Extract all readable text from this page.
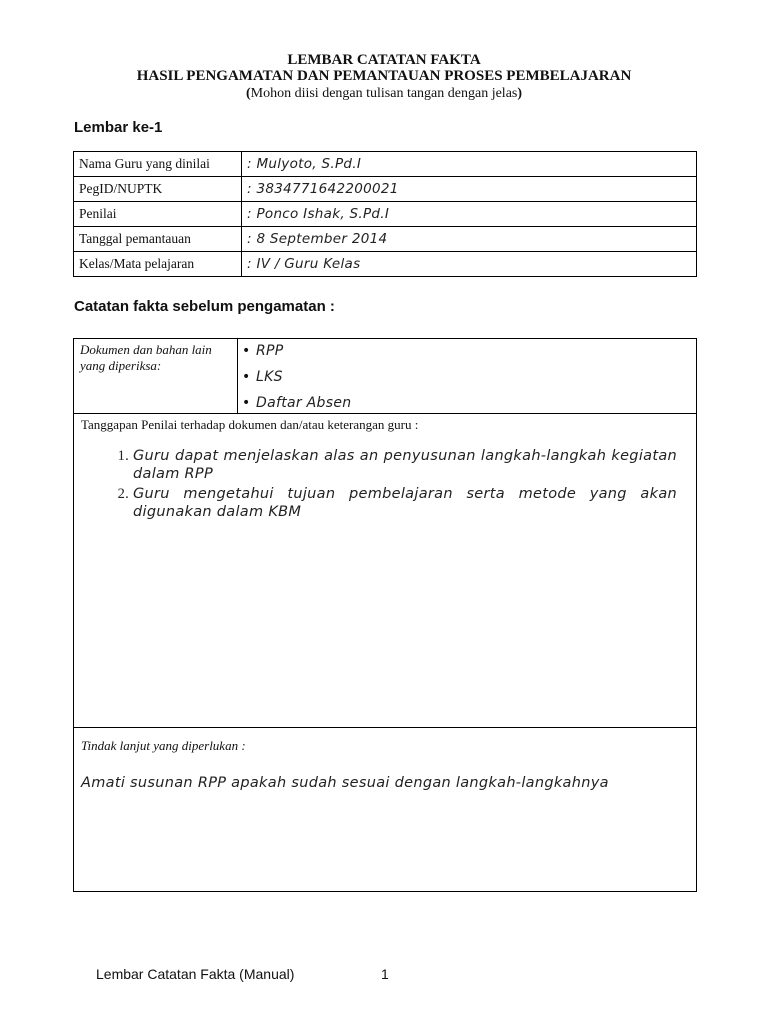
LEMBAR CATATAN FAKTA
HASIL PENGAMATAN DAN PEMANTAUAN PROSES PEMBELAJARAN
(Mohon diisi dengan tulisan tangan dengan jelas)
Lembar ke-1
Nama Guru yang dinilai	: Mulyoto, S.Pd.I
PegID/NUPTK	: 3834771642200021
Penilai	: Ponco Ishak, S.Pd.I
Tanggal pemantauan	: 8 September 2014
Kelas/Mata pelajaran	: IV / Guru Kelas
Catatan fakta sebelum pengamatan :
Dokumen dan bahan lain yang diperiksa:
• RPP
• LKS
• Daftar Absen
Tanggapan Penilai terhadap dokumen dan/atau keterangan guru :
1. Guru dapat menjelaskan alas an penyusunan langkah-langkah kegiatan dalam RPP
2. Guru mengetahui tujuan pembelajaran serta metode yang akan digunakan dalam KBM
Tindak lanjut yang diperlukan :
Amati susunan RPP apakah sudah sesuai dengan langkah-langkahnya
Lembar Catatan Fakta (Manual)	1
